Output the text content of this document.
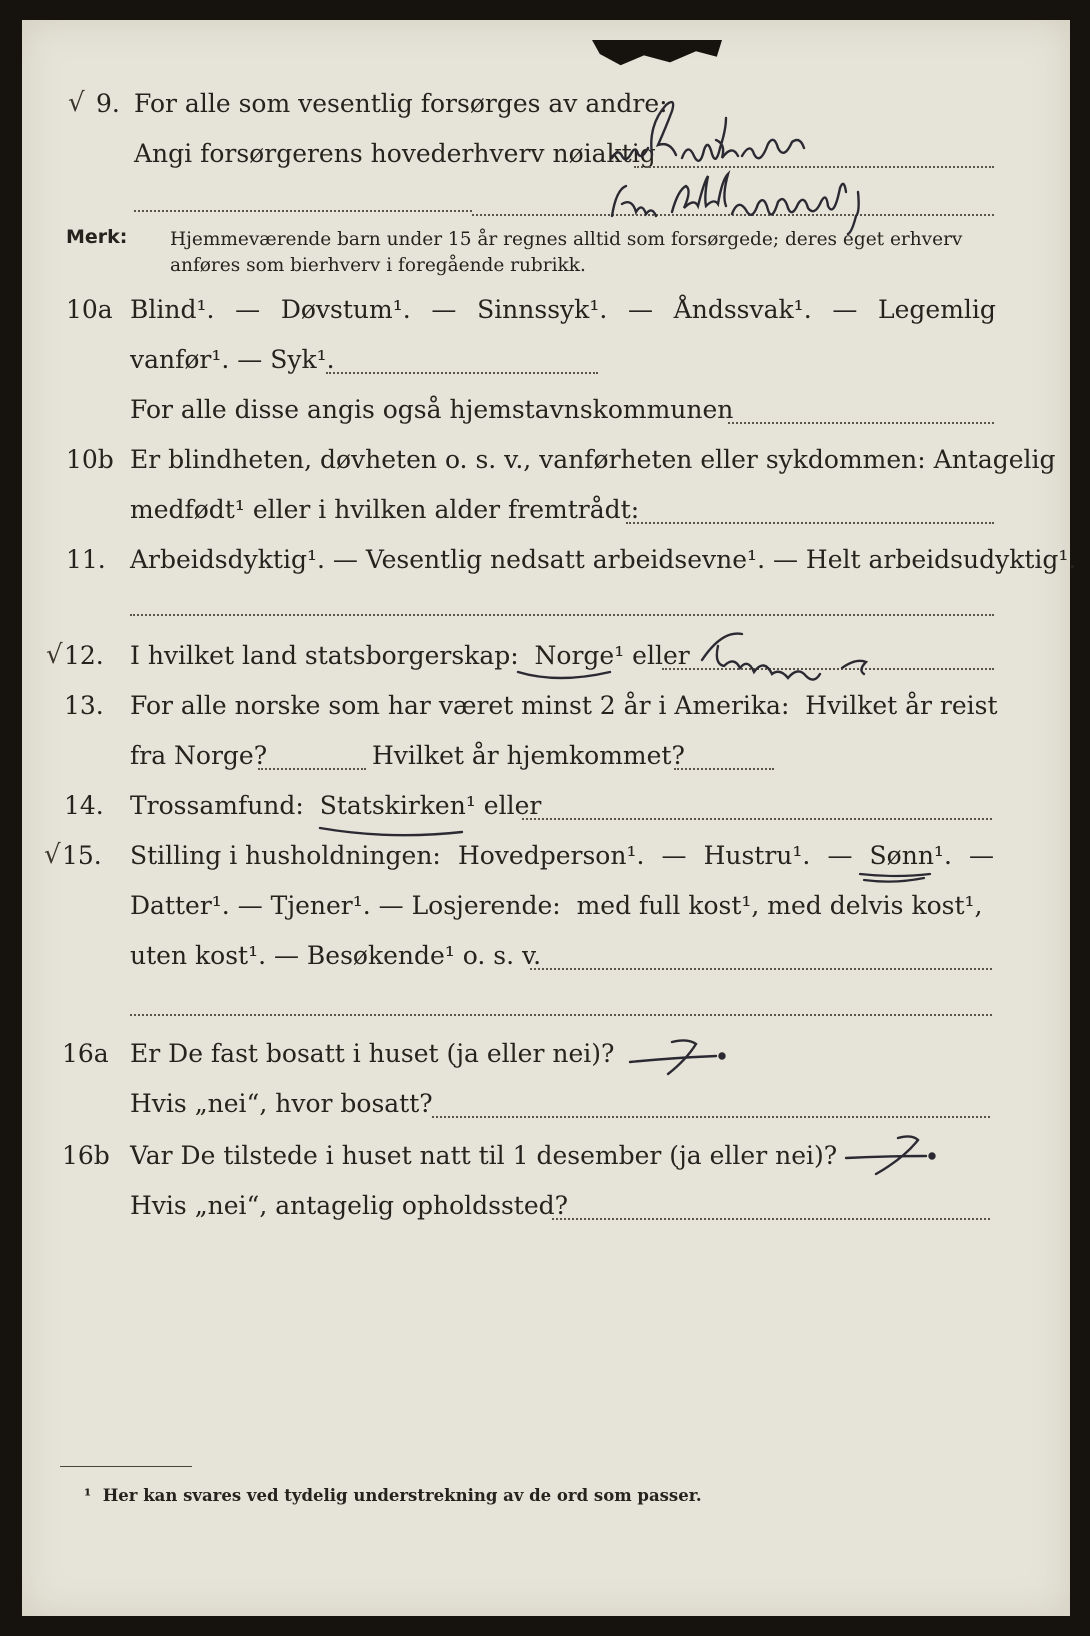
√ 9. For alle som vesentlig forsørges av andre:
Angi forsørgerens hovederhverv nøiaktig
Merk: Hjemmeværende barn under 15 år regnes alltid som forsørgede; deres eget erhverv
anføres som bierhverv i foregående rubrikk.
10a Blind¹. — Døvstum¹. — Sinnssyk¹. — Åndssvak¹. — Legemlig
vanfør¹. — Syk¹.
For alle disse angis også hjemstavnskommunen
10b Er blindheten, døvheten o. s. v., vanførheten eller sykdommen: Antagelig
medfødt¹ eller i hvilken alder fremtrådt:
11. Arbeidsdyktig¹. — Vesentlig nedsatt arbeidsevne¹. — Helt arbeidsudyktig¹.
√ 12. I hvilket land statsborgerskap:  Norge¹ eller
13. For alle norske som har været minst 2 år i Amerika:  Hvilket år reist
fra Norge?	Hvilket år hjemkommet?
14. Trossamfund:  Statskirken¹ eller
√ 15. Stilling i husholdningen: Hovedperson¹. — Hustru¹. — Sønn¹. —
Datter¹. — Tjener¹. — Losjerende:  med full kost¹, med delvis kost¹,
uten kost¹. — Besøkende¹ o. s. v.
16a Er De fast bosatt i huset (ja eller nei)?
Hvis „nei“, hvor bosatt?
16b Var De tilstede i huset natt til 1 desember (ja eller nei)?
Hvis „nei“, antagelig opholdssted?
¹  Her kan svares ved tydelig understrekning av de ord som passer.
